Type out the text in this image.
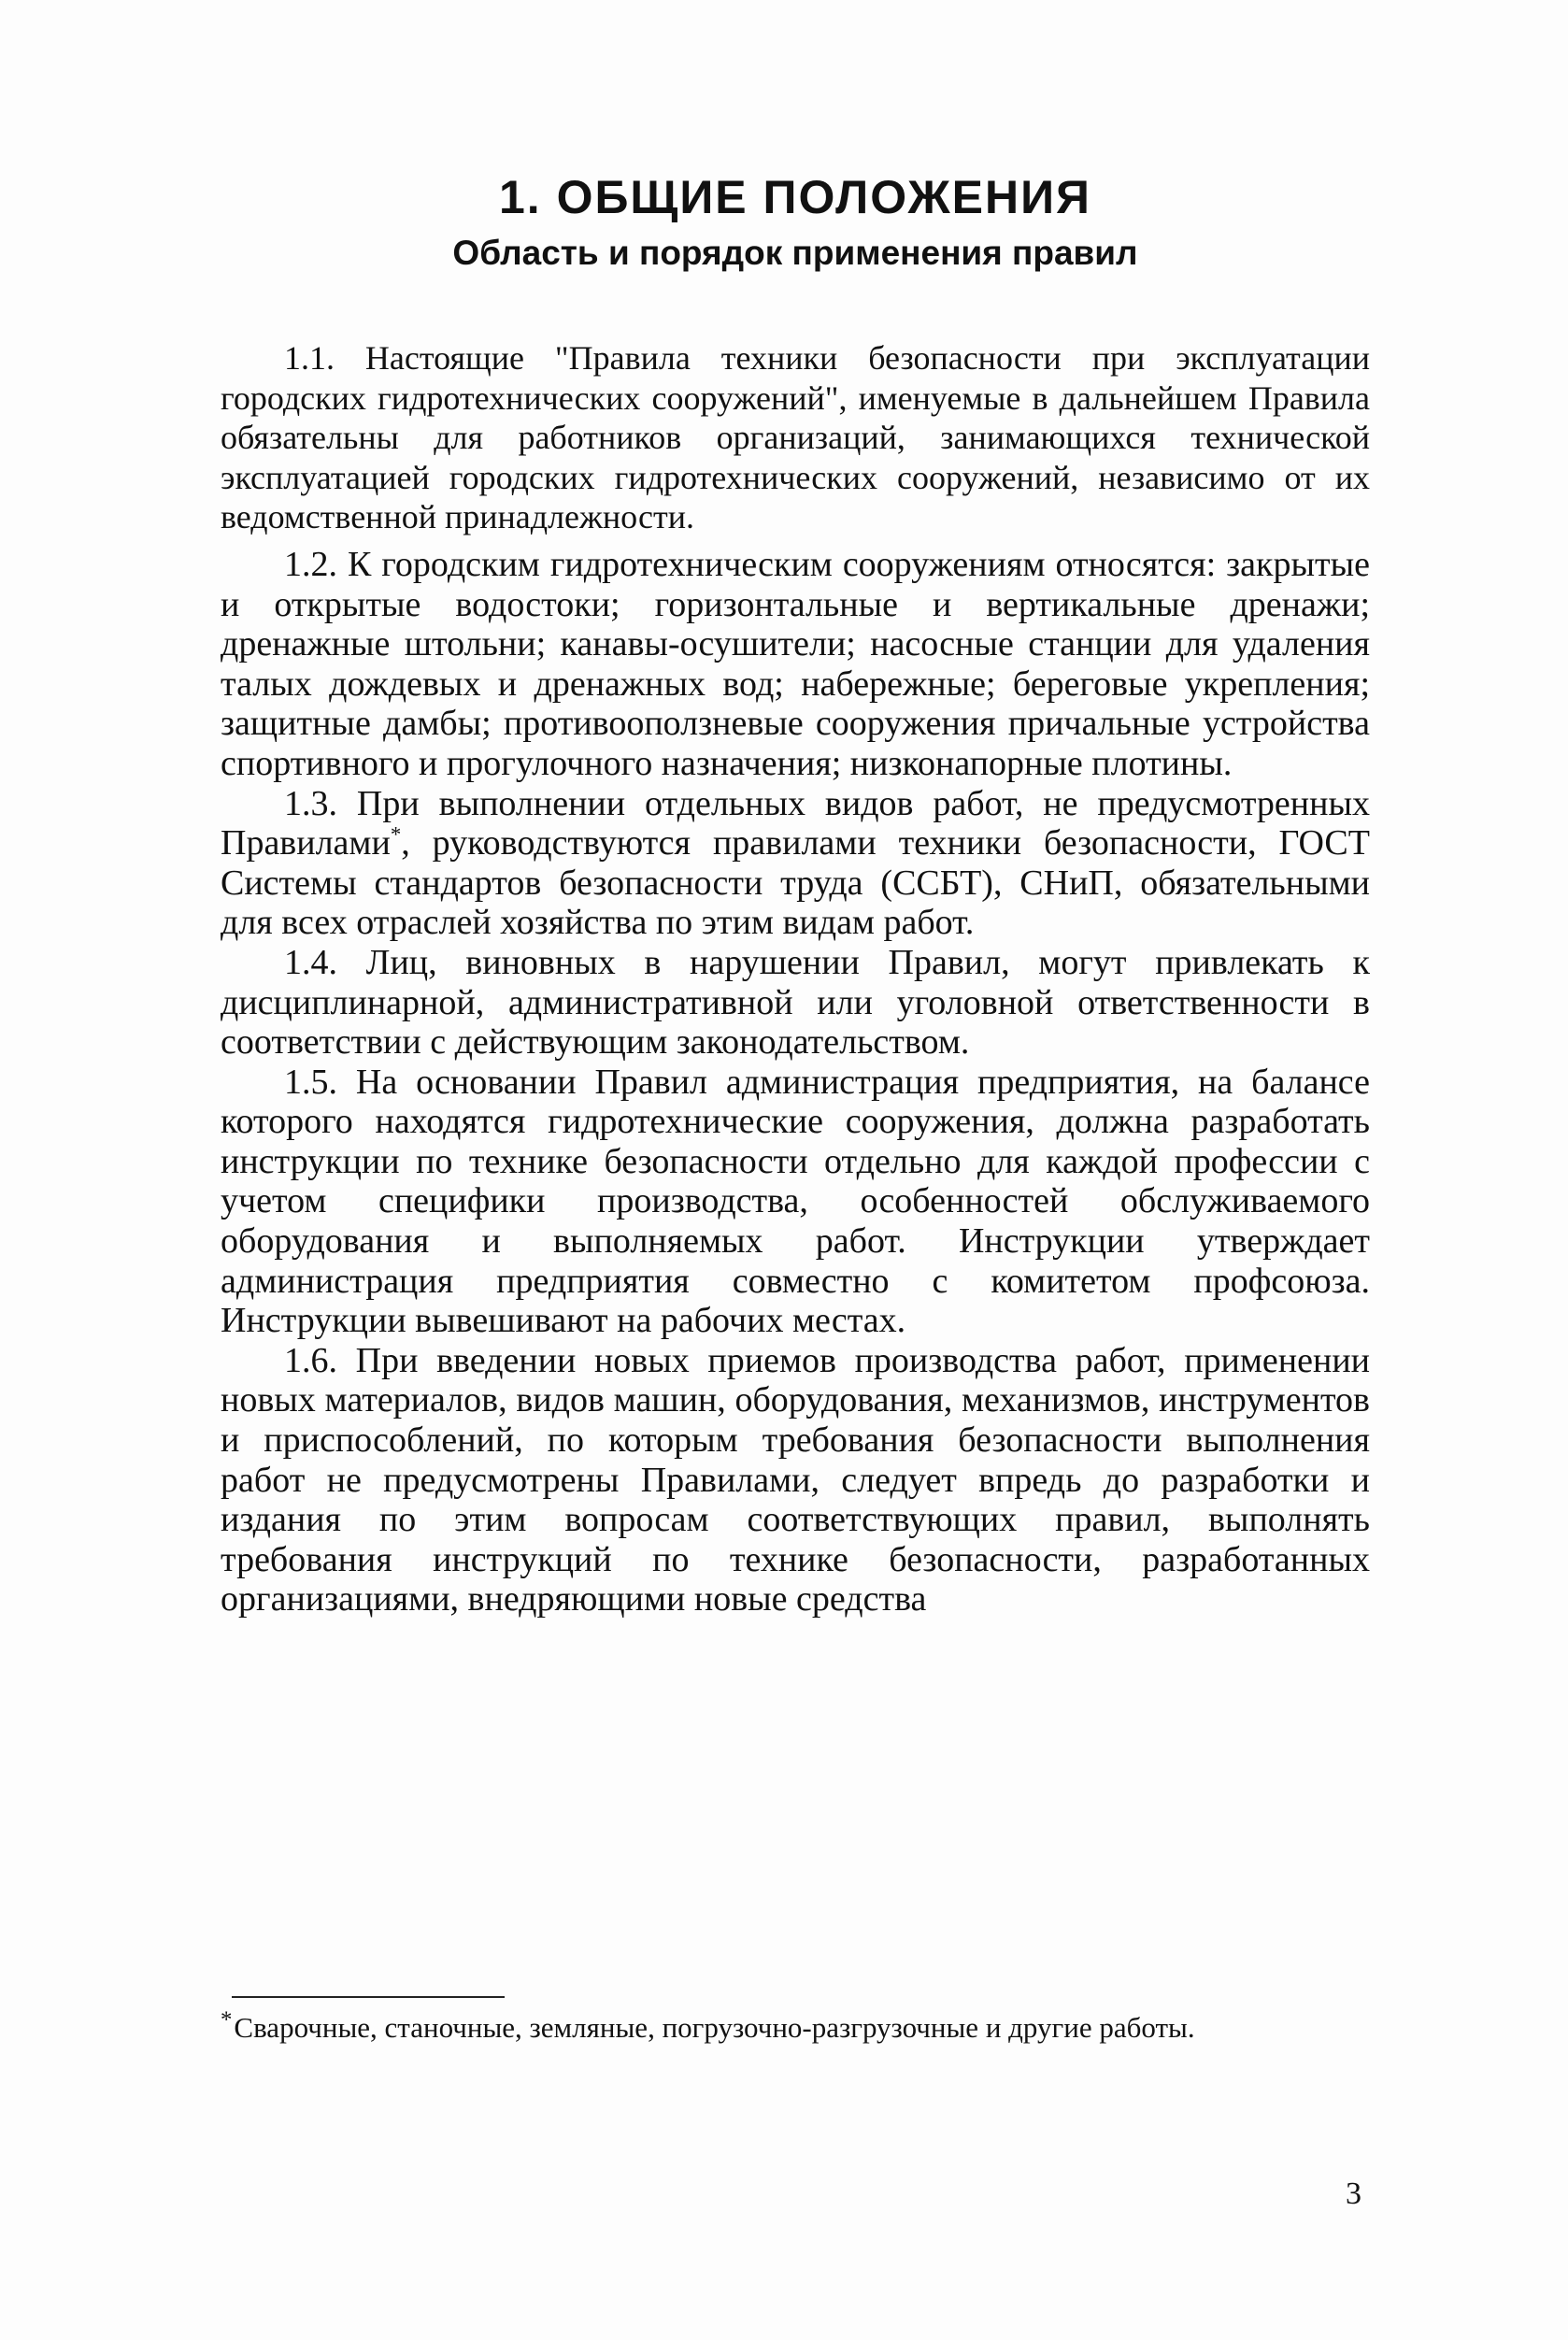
1. ОБЩИЕ ПОЛОЖЕНИЯ
Область и порядок применения правил

1.1. Настоящие "Правила техники безопасности при эксплуатации городских гидротехнических сооружений", именуемые в дальнейшем Правила обязательны для работников организаций, занимающихся технической эксплуатацией городских гидротехнических сооружений, независимо от их ведомственной принадлежности.

1.2. К городским гидротехническим сооружениям относятся: закрытые и открытые водостоки; горизонтальные и вертикальные дренажи; дренажные штольни; канавы-осушители; насосные станции для удаления талых дождевых и дренажных вод; набережные; береговые укрепления; защитные дамбы; противооползневые сооружения причальные устройства спортивного и прогулочного назначения; низконапорные плотины.

1.3. При выполнении отдельных видов работ, не предусмотренных Правилами*, руководствуются правилами техники безопасности, ГОСТ Системы стандартов безопасности труда (ССБТ), СНиП, обязательными для всех отраслей хозяйства по этим видам работ.

1.4. Лиц, виновных в нарушении Правил, могут привлекать к дисциплинарной, административной или уголовной ответственности в соответствии с действующим законодательством.

1.5. На основании Правил администрация предприятия, на балансе которого находятся гидротехнические сооружения, должна разработать инструкции по технике безопасности отдельно для каждой профессии с учетом специфики производства, особенностей обслуживаемого оборудования и выполняемых работ. Инструкции утверждает администрация предприятия совместно с комитетом профсоюза. Инструкции вывешивают на рабочих местах.

1.6. При введении новых приемов производства работ, применении новых материалов, видов машин, оборудования, механизмов, инструментов и приспособлений, по которым требования безопасности выполнения работ не предусмотрены Правилами, следует впредь до разработки и издания по этим вопросам соответствующих правил, выполнять требования инструкций по технике безопасности, разработанных организациями, внедряющими новые средства

*Сварочные, станочные, земляные, погрузочно-разгрузочные и другие работы.

3
